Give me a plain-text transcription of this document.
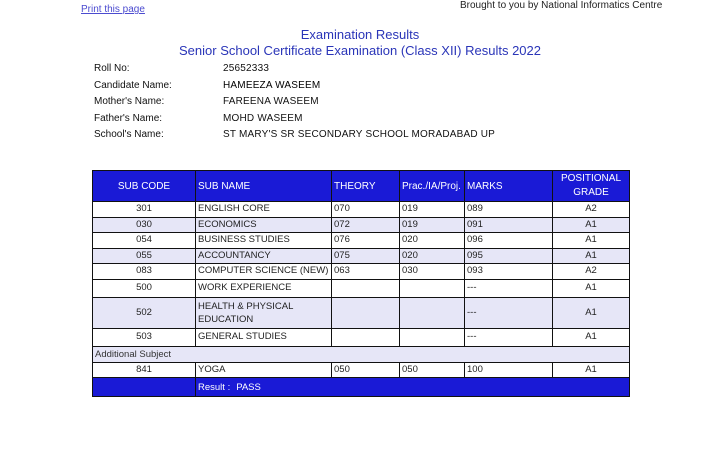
Print this page	Brought to you by National Informatics Centre
Examination Results
Senior School Certificate Examination (Class XII) Results 2022
Roll No:	25652333
Candidate Name:	HAMEEZA WASEEM
Mother's Name:	FAREENA WASEEM
Father's Name:	MOHD WASEEM
School's Name:	ST MARY'S SR SECONDARY SCHOOL MORADABAD UP
SUB CODE	SUB NAME	THEORY	Prac./IA/Proj.	MARKS	POSITIONAL GRADE
301	ENGLISH CORE	070	019	089	A2
030	ECONOMICS	072	019	091	A1
054	BUSINESS STUDIES	076	020	096	A1
055	ACCOUNTANCY	075	020	095	A1
083	COMPUTER SCIENCE (NEW)	063	030	093	A2
500	WORK EXPERIENCE			---	A1
502	HEALTH & PHYSICAL EDUCATION			---	A1
503	GENERAL STUDIES			---	A1
Additional Subject					
841	YOGA	050	050	100	A1
	Result : PASS				
